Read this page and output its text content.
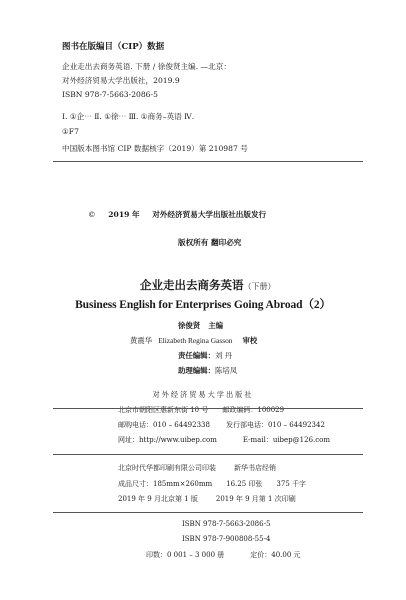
图书在版编目（CIP）数据
企业走出去商务英语. 下册 / 徐俊贤主编. —北京：
对外经济贸易大学出版社，2019.9
ISBN 978-7-5663-2086-5
Ⅰ. ①企⋯ Ⅱ. ①徐⋯ Ⅲ. ①商务–英语 Ⅳ.
①F7
中国版本图书馆 CIP 数据核字（2019）第 210987 号
© 2019 年 对外经济贸易大学出版社出版发行
版权所有 翻印必究
企业走出去商务英语（下册）
Business English for Enterprises Going Abroad（2）
徐俊贤 主编
黄震华 Elizabeth Regina Gasson 审校
责任编辑：刘 丹
助理编辑：陈培凤
对外经济贸易大学出版社
北京市朝阳区惠新东街 10 号 邮政编码：100029
邮购电话：010 – 64492338 发行部电话：010 – 64492342
网址：http://www.uibep.com	E-mail：uibep@126.com
北京时代华都印刷有限公司印装	新华书店经销
成品尺寸：185mm×260mm 16.25 印张 375 千字
2019 年 9 月北京第 1 版	2019 年 9 月第 1 次印刷
ISBN 978-7-5663-2086-5
ISBN 978-7-900808-55-4
印数：0 001 – 3 000 册	定价：40.00 元
